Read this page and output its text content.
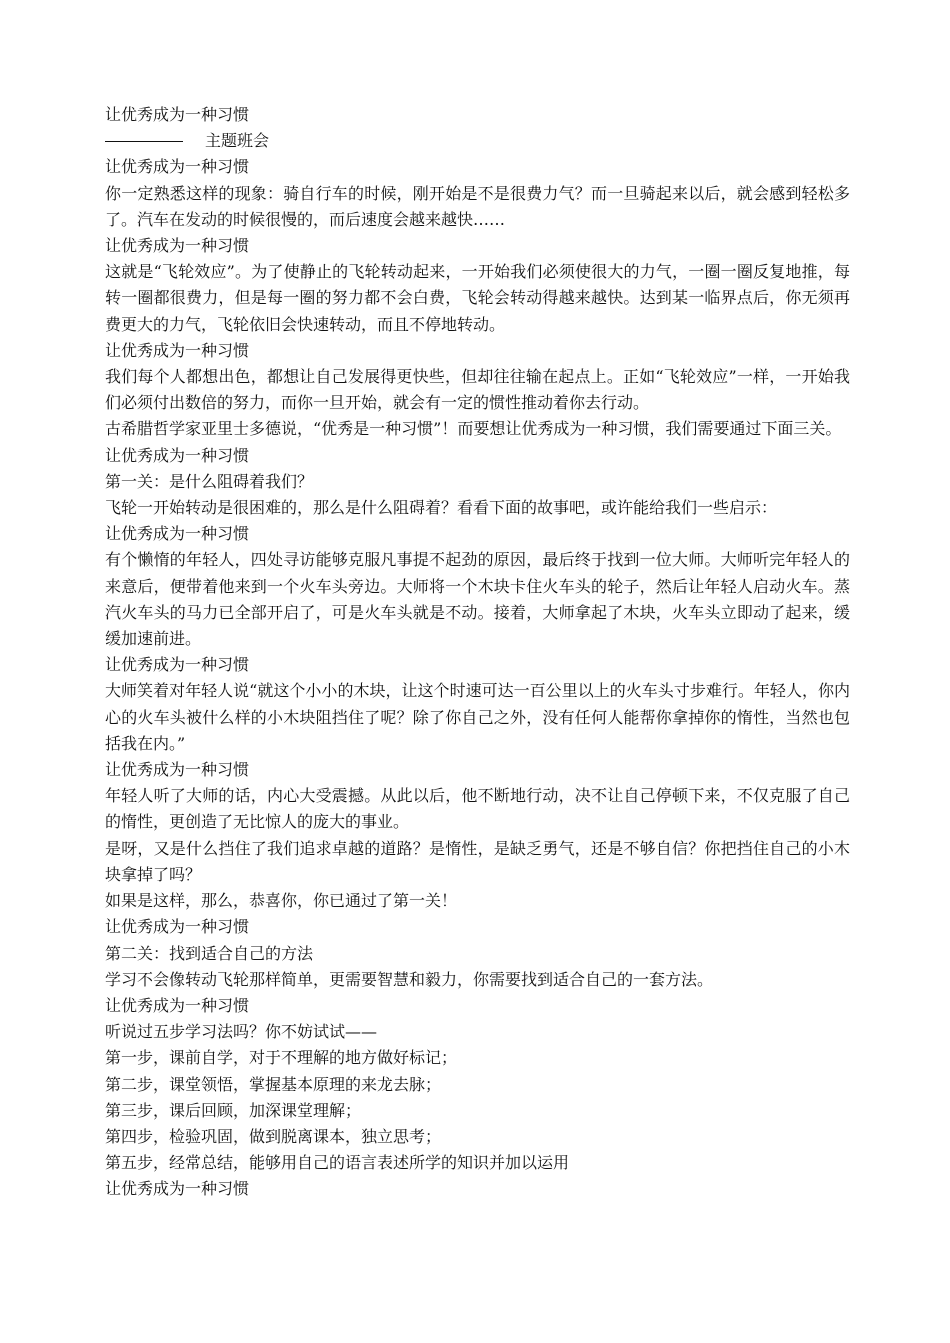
让优秀成为一种习惯

主题班会

让优秀成为一种习惯

你一定熟悉这样的现象：骑自行车的时候，刚开始是不是很费力气？而一旦骑起来以后，就会感到轻松多了。汽车在发动的时候很慢的，而后速度会越来越快……

让优秀成为一种习惯

这就是“飞轮效应”。为了使静止的飞轮转动起来，一开始我们必须使很大的力气，一圈一圈反复地推，每转一圈都很费力，但是每一圈的努力都不会白费，飞轮会转动得越来越快。达到某一临界点后，你无须再费更大的力气，飞轮依旧会快速转动，而且不停地转动。

让优秀成为一种习惯

我们每个人都想出色，都想让自己发展得更快些，但却往往输在起点上。正如“飞轮效应”一样，一开始我们必须付出数倍的努力，而你一旦开始，就会有一定的惯性推动着你去行动。

古希腊哲学家亚里士多德说，“优秀是一种习惯”！而要想让优秀成为一种习惯，我们需要通过下面三关。

让优秀成为一种习惯

第一关：是什么阻碍着我们？

飞轮一开始转动是很困难的，那么是什么阻碍着？看看下面的故事吧，或许能给我们一些启示：

让优秀成为一种习惯

有个懒惰的年轻人，四处寻访能够克服凡事提不起劲的原因，最后终于找到一位大师。大师听完年轻人的来意后，便带着他来到一个火车头旁边。大师将一个木块卡住火车头的轮子，然后让年轻人启动火车。蒸汽火车头的马力已全部开启了，可是火车头就是不动。接着，大师拿起了木块，火车头立即动了起来，缓缓加速前进。

让优秀成为一种习惯

大师笑着对年轻人说“就这个小小的木块，让这个时速可达一百公里以上的火车头寸步难行。年轻人，你内心的火车头被什么样的小木块阻挡住了呢？除了你自己之外，没有任何人能帮你拿掉你的惰性，当然也包括我在内。”

让优秀成为一种习惯

年轻人听了大师的话，内心大受震撼。从此以后，他不断地行动，决不让自己停顿下来，不仅克服了自己的惰性，更创造了无比惊人的庞大的事业。

是呀，又是什么挡住了我们追求卓越的道路？是惰性，是缺乏勇气，还是不够自信？你把挡住自己的小木块拿掉了吗？

如果是这样，那么，恭喜你，你已通过了第一关！

让优秀成为一种习惯

第二关：找到适合自己的方法

学习不会像转动飞轮那样简单，更需要智慧和毅力，你需要找到适合自己的一套方法。

让优秀成为一种习惯

听说过五步学习法吗？你不妨试试——

第一步，课前自学，对于不理解的地方做好标记；

第二步，课堂领悟，掌握基本原理的来龙去脉；

第三步，课后回顾，加深课堂理解；

第四步，检验巩固，做到脱离课本，独立思考；

第五步，经常总结，能够用自己的语言表述所学的知识并加以运用

让优秀成为一种习惯
